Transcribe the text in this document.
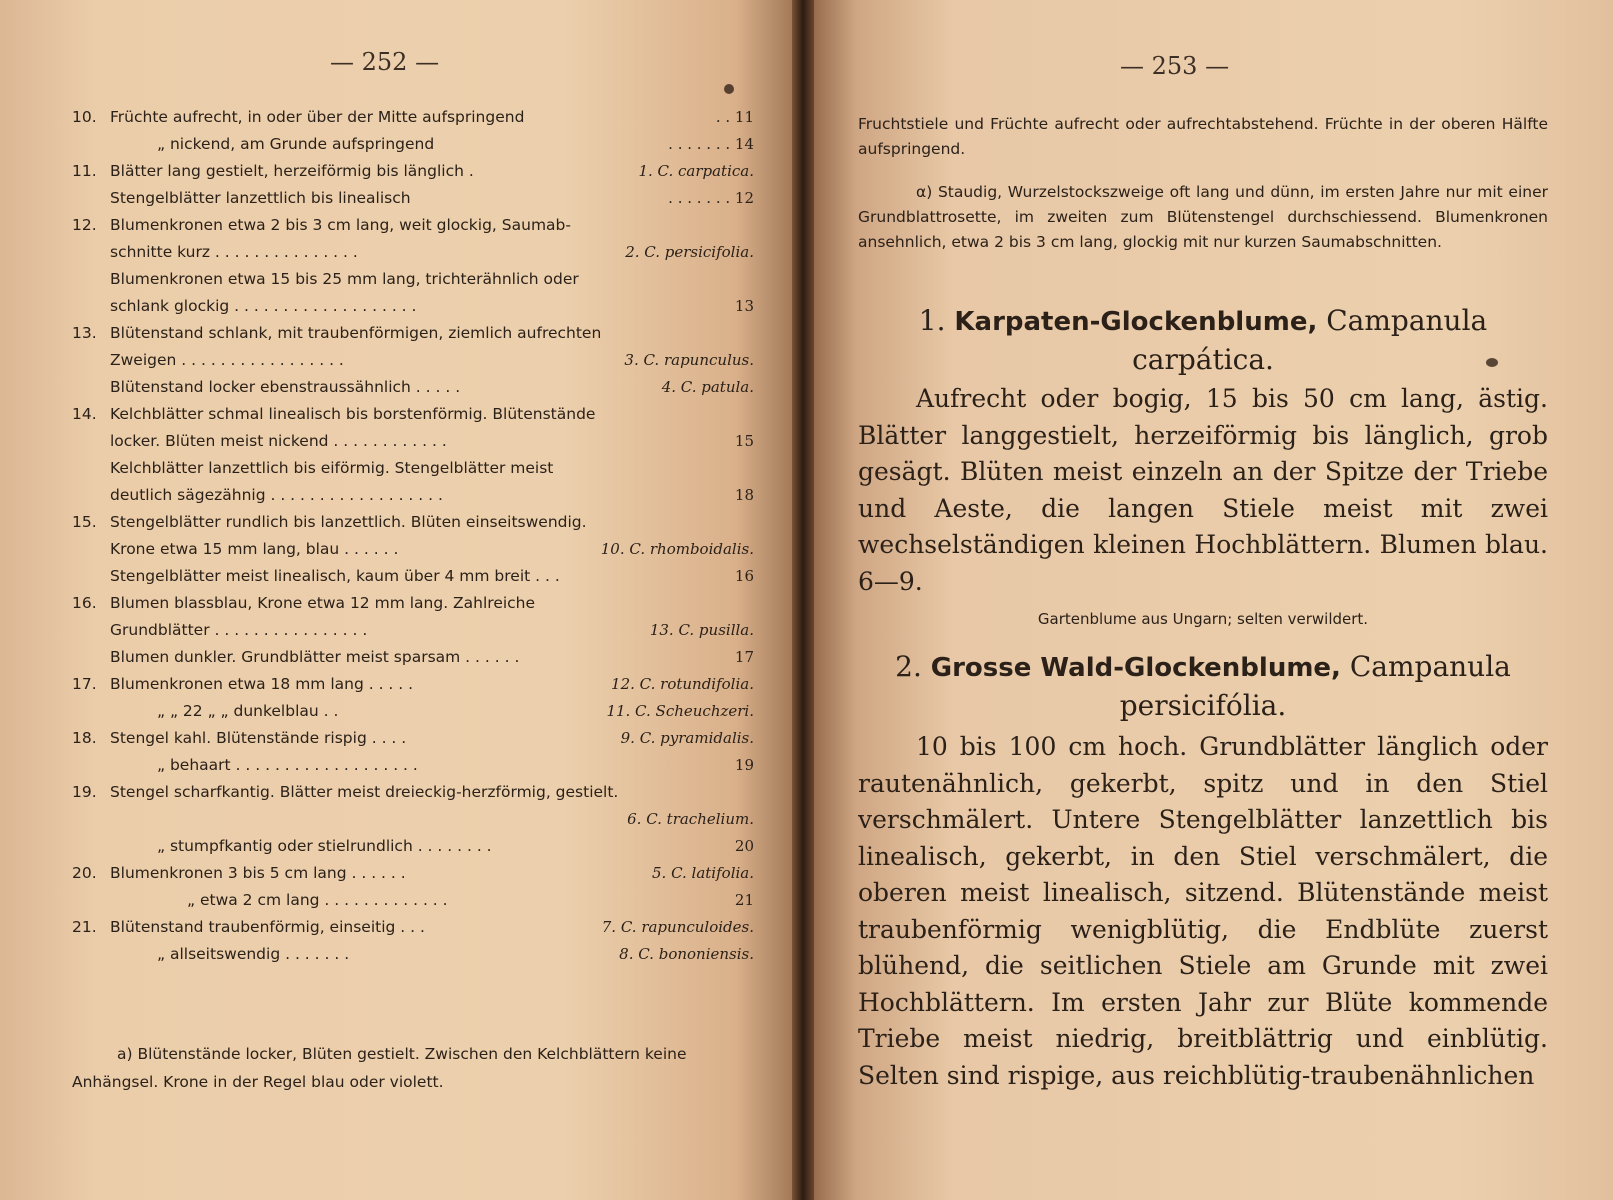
— 252 —	— 253 —
10. Früchte aufrecht, in oder über der Mitte aufspringend	. . 11
„ nickend, am Grunde aufspringend	. . . . . . . 14
11. Blätter lang gestielt, herzeiförmig bis länglich .	1. C. carpatica.
Stengelblätter lanzettlich bis linealisch	. . . . . . . 12
12. Blumenkronen etwa 2 bis 3 cm lang, weit glockig, Saumab-
schnitte kurz . . . . . . . . . . . . . . .	2. C. persicifolia.
Blumenkronen etwa 15 bis 25 mm lang, trichterähnlich oder
schlank glockig . . . . . . . . . . . . . . . . . . .	13
13. Blütenstand schlank, mit traubenförmigen, ziemlich aufrechten
Zweigen . . . . . . . . . . . . . . . . .	3. C. rapunculus.
Blütenstand locker ebenstraussähnlich . . . . .	4. C. patula.
14. Kelchblätter schmal linealisch bis borstenförmig. Blütenstände
locker. Blüten meist nickend . . . . . . . . . . . .	15
Kelchblätter lanzettlich bis eiförmig. Stengelblätter meist
deutlich sägezähnig . . . . . . . . . . . . . . . . . .	18
15. Stengelblätter rundlich bis lanzettlich. Blüten einseitswendig.
Krone etwa 15 mm lang, blau . . . . . .	10. C. rhomboidalis.
Stengelblätter meist linealisch, kaum über 4 mm breit . . .	16
16. Blumen blassblau, Krone etwa 12 mm lang. Zahlreiche
Grundblätter . . . . . . . . . . . . . . . .	13. C. pusilla.
Blumen dunkler. Grundblätter meist sparsam . . . . . .	17
17. Blumenkronen etwa 18 mm lang . . . . .	12. C. rotundifolia.
„ „ 22 „ „ dunkelblau . .	11. C. Scheuchzeri.
18. Stengel kahl. Blütenstände rispig . . . .	9. C. pyramidalis.
„ behaart . . . . . . . . . . . . . . . . . . .	19
19. Stengel scharfkantig. Blätter meist dreieckig-herzförmig, gestielt.
6. C. trachelium.
„ stumpfkantig oder stielrundlich . . . . . . . .	20
20. Blumenkronen 3 bis 5 cm lang . . . . . .	5. C. latifolia.
„ etwa 2 cm lang . . . . . . . . . . . . .	21
21. Blütenstand traubenförmig, einseitig . . .	7. C. rapunculoides.
„ allseitswendig . . . . . . .	8. C. bononiensis.
a) Blütenstände locker, Blüten gestielt. Zwischen den Kelchblättern keine Anhängsel. Krone in der Regel blau oder violett.
Fruchtstiele und Früchte aufrecht oder aufrechtabstehend. Früchte in der oberen Hälfte aufspringend.
α) Staudig, Wurzelstockszweige oft lang und dünn, im ersten Jahre nur mit einer Grundblattrosette, im zweiten zum Blütenstengel durchschiessend. Blumenkronen ansehnlich, etwa 2 bis 3 cm lang, glockig mit nur kurzen Saumabschnitten.
1. Karpaten-Glockenblume, Campanula carpática.
Aufrecht oder bogig, 15 bis 50 cm lang, ästig. Blätter langgestielt, herzeiförmig bis länglich, grob gesägt. Blüten meist einzeln an der Spitze der Triebe und Aeste, die langen Stiele meist mit zwei wechselständigen kleinen Hochblättern. Blumen blau. 6—9.
Gartenblume aus Ungarn; selten verwildert.
2. Grosse Wald-Glockenblume, Campanula persicifólia.
10 bis 100 cm hoch. Grundblätter länglich oder rautenähnlich, gekerbt, spitz und in den Stiel verschmälert. Untere Stengelblätter lanzettlich bis linealisch, gekerbt, in den Stiel verschmälert, die oberen meist linealisch, sitzend. Blütenstände meist traubenförmig wenigblütig, die Endblüte zuerst blühend, die seitlichen Stiele am Grunde mit zwei Hochblättern. Im ersten Jahr zur Blüte kommende Triebe meist niedrig, breitblättrig und einblütig. Selten sind rispige, aus reichblütig-traubenähnlichen
